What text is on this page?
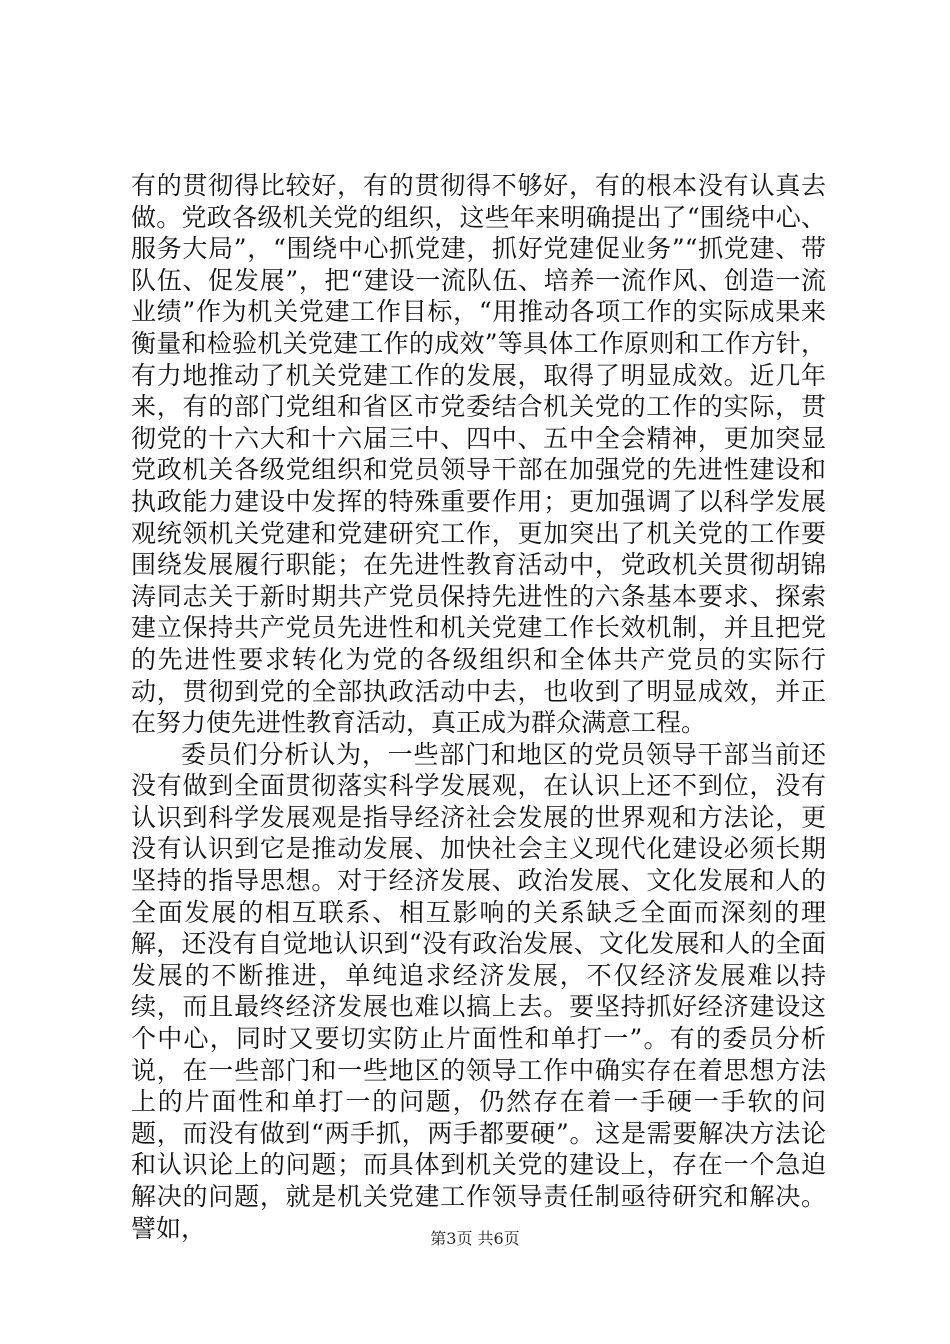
有的贯彻得比较好，有的贯彻得不够好，有的根本没有认真去做。党政各级机关党的组织，这些年来明确提出了“围绕中心、服务大局”，“围绕中心抓党建，抓好党建促业务”“抓党建、带队伍、促发展”，把“建设一流队伍、培养一流作风、创造一流业绩”作为机关党建工作目标，“用推动各项工作的实际成果来衡量和检验机关党建工作的成效”等具体工作原则和工作方针，有力地推动了机关党建工作的发展，取得了明显成效。近几年来，有的部门党组和省区市党委结合机关党的工作的实际，贯彻党的十六大和十六届三中、四中、五中全会精神，更加突显党政机关各级党组织和党员领导干部在加强党的先进性建设和执政能力建设中发挥的特殊重要作用；更加强调了以科学发展观统领机关党建和党建研究工作，更加突出了机关党的工作要围绕发展履行职能；在先进性教育活动中，党政机关贯彻胡锦涛同志关于新时期共产党员保持先进性的六条基本要求、探索建立保持共产党员先进性和机关党建工作长效机制，并且把党的先进性要求转化为党的各级组织和全体共产党员的实际行动，贯彻到党的全部执政活动中去，也收到了明显成效，并正在努力使先进性教育活动，真正成为群众满意工程。

委员们分析认为，一些部门和地区的党员领导干部当前还没有做到全面贯彻落实科学发展观，在认识上还不到位，没有认识到科学发展观是指导经济社会发展的世界观和方法论，更没有认识到它是推动发展、加快社会主义现代化建设必须长期坚持的指导思想。对于经济发展、政治发展、文化发展和人的全面发展的相互联系、相互影响的关系缺乏全面而深刻的理解，还没有自觉地认识到“没有政治发展、文化发展和人的全面发展的不断推进，单纯追求经济发展，不仅经济发展难以持续，而且最终经济发展也难以搞上去。要坚持抓好经济建设这个中心，同时又要切实防止片面性和单打一”。有的委员分析说，在一些部门和一些地区的领导工作中确实存在着思想方法上的片面性和单打一的问题，仍然存在着一手硬一手软的问题，而没有做到“两手抓，两手都要硬”。这是需要解决方法论和认识论上的问题；而具体到机关党的建设上，存在一个急迫解决的问题，就是机关党建工作领导责任制亟待研究和解决。譬如，	第3页 共6页
